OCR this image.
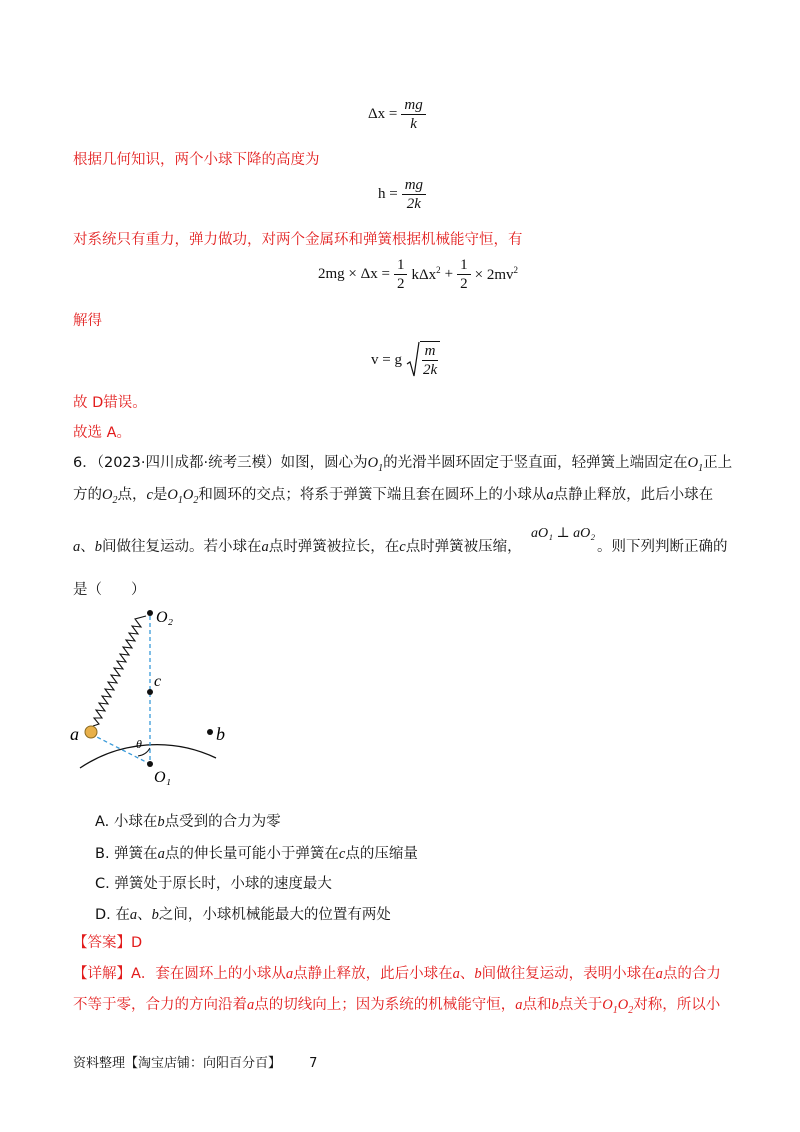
$\Delta x = \frac{mg}{k}$
根据几何知识，两个小球下降的高度为
$h = \frac{mg}{2k}$
对系统只有重力，弹力做功，对两个金属环和弹簧根据机械能守恒，有
$2mg \times \Delta x = \frac{1}{2} k\Delta x^2 + \frac{1}{2} \times 2mv^2$
解得
v = g $\frac{m}{2k}$
故 D错误。
故选 A。
6．（2023·四川成都·统考三模）如图，圆心为$O_1$的光滑半圆环固定于竖直面，轻弹簧上端固定在$O_1$正上
方的$O_2$点，c是$O_1O_2$和圆环的交点；将系于弹簧下端且套在圆环上的小球从a点静止释放，此后小球在
a、b间做往复运动。若小球在a点时弹簧被拉长，在c点时弹簧被压缩，
aO₁ ⊥ aO₂
。则下列判断正确的
是（　　）
O₂
c
a	b
θ
O₁
A. 小球在b点受到的合力为零
B. 弹簧在a点的伸长量可能小于弹簧在c点的压缩量
C. 弹簧处于原长时，小球的速度最大
D. 在a、b之间，小球机械能最大的位置有两处
【答案】D
【详解】A．套在圆环上的小球从a点静止释放，此后小球在a、b间做往复运动，表明小球在a点的合力
不等于零，合力的方向沿着a点的切线向上；因为系统的机械能守恒，a点和b点关于$O_1O_2$对称，所以小
资料整理【淘宝店铺：向阳百分百】 7
